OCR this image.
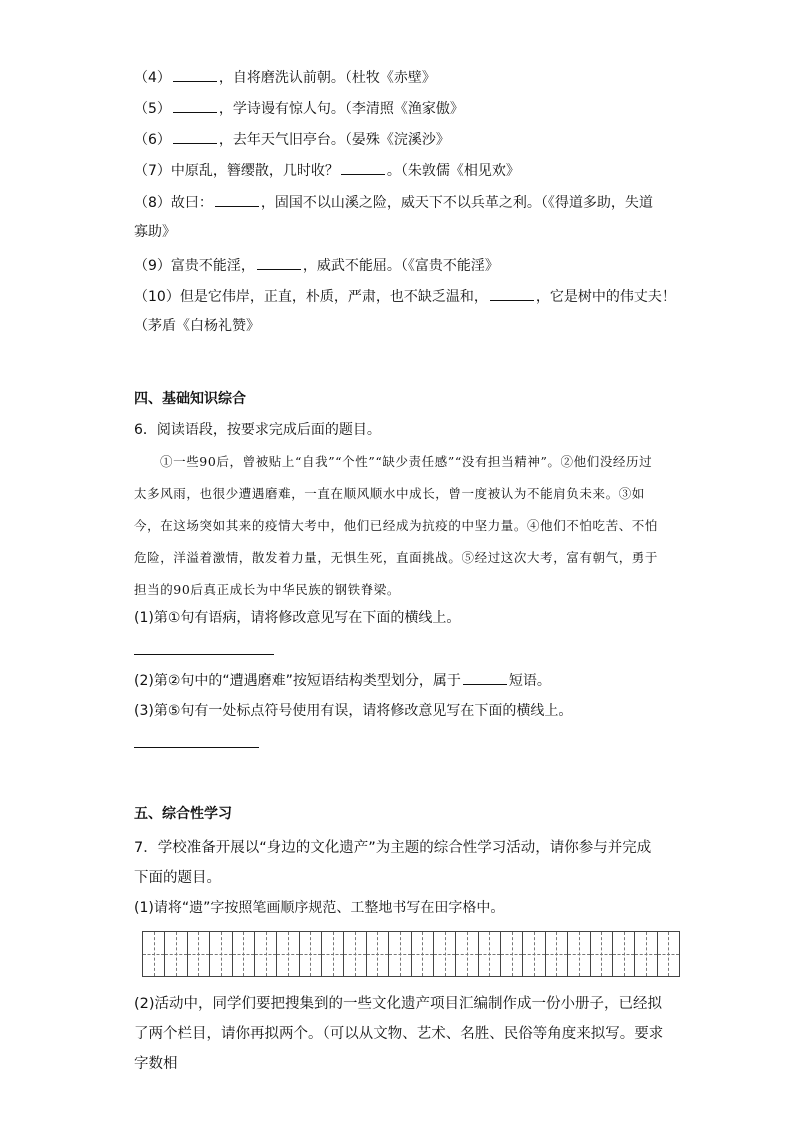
（4）	，自将磨洗认前朝。（杜牧《赤壁》
（5）	，学诗谩有惊人句。（李清照《渔家傲》
（6）	，去年天气旧亭台。（晏殊《浣溪沙》
（7）中原乱，簪缨散，几时收？	。（朱敦儒《相见欢》
（8）故曰：	，固国不以山溪之险，威天下不以兵革之利。（《得道多助，失道
寡助》
（9）富贵不能淫，	，威武不能屈。（《富贵不能淫》
（10）但是它伟岸，正直，朴质，严肃，也不缺乏温和，	，它是树中的伟丈夫！
（茅盾《白杨礼赞》
四、基础知识综合
6．阅读语段，按要求完成后面的题目。
①一些90后，曾被贴上“自我”“个性”“缺少责任感”“没有担当精神”。②他们没经历过太多风雨，也很少遭遇磨难，一直在顺风顺水中成长，曾一度被认为不能肩负未来。③如今，在这场突如其来的疫情大考中，他们已经成为抗疫的中坚力量。④他们不怕吃苦、不怕危险，洋溢着激情，散发着力量，无惧生死，直面挑战。⑤经过这次大考，富有朝气，勇于担当的90后真正成长为中华民族的钢铁脊梁。
(1)第①句有语病，请将修改意见写在下面的横线上。
(2)第②句中的“遭遇磨难”按短语结构类型划分，属于	短语。
(3)第⑤句有一处标点符号使用有误，请将修改意见写在下面的横线上。
五、综合性学习
7．学校准备开展以“身边的文化遗产”为主题的综合性学习活动，请你参与并完成下面的题目。
(1)请将“遗”字按照笔画顺序规范、工整地书写在田字格中。
(2)活动中，同学们要把搜集到的一些文化遗产项目汇编制作成一份小册子，已经拟了两个栏目，请你再拟两个。（可以从文物、艺术、名胜、民俗等角度来拟写。要求字数相
